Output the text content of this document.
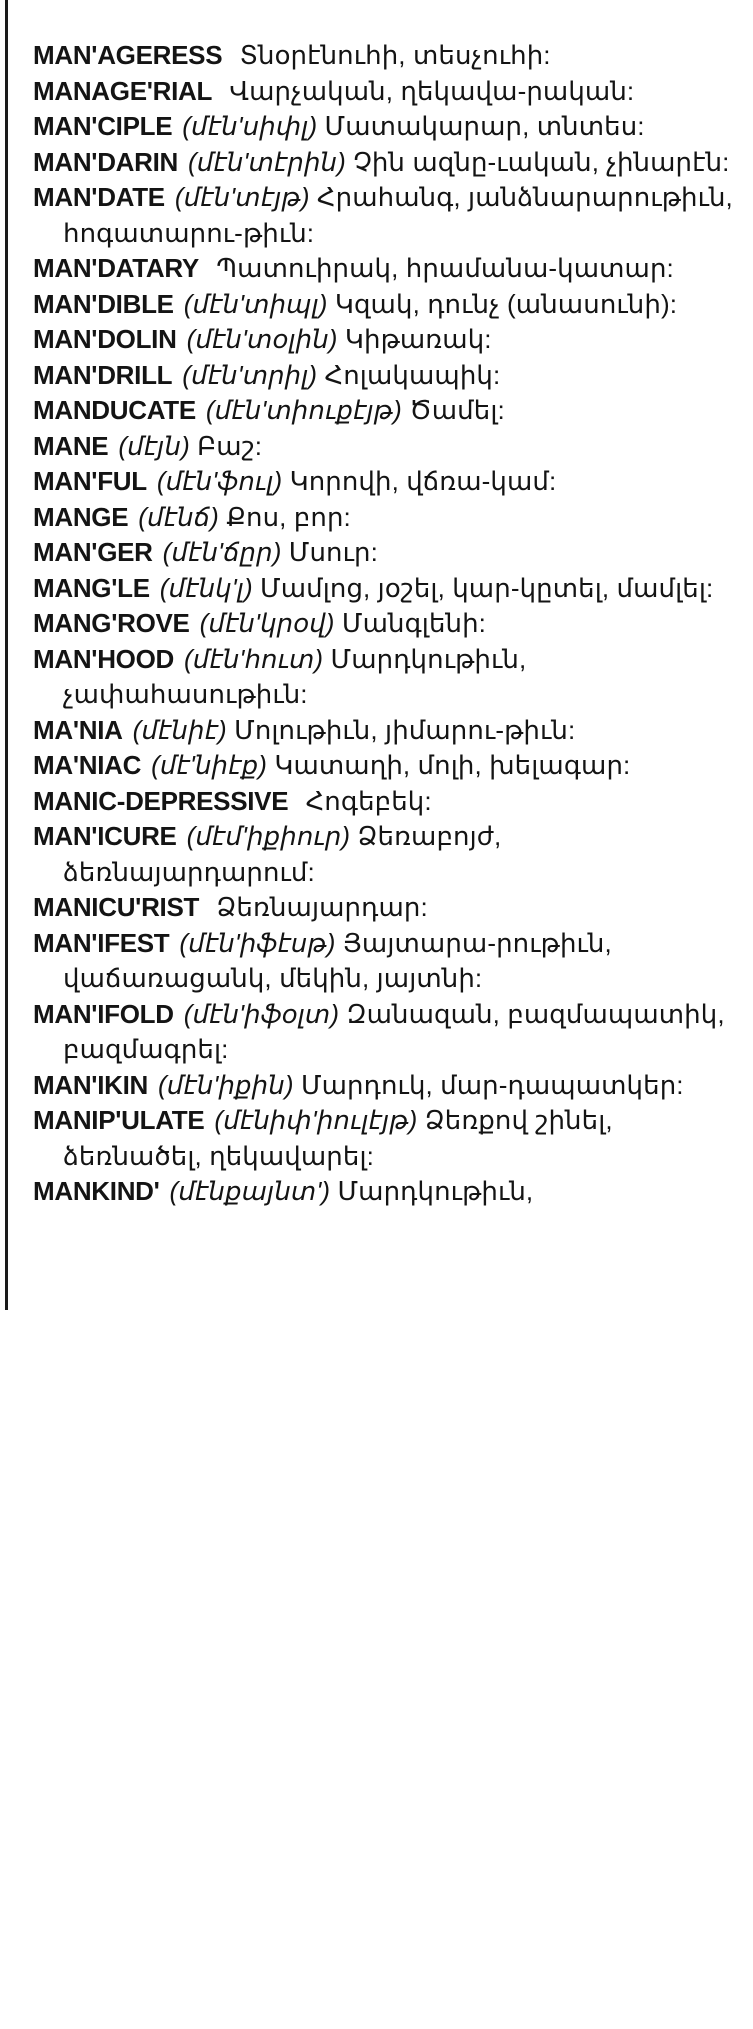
MAN'AGERESS Տնօրէնուհի, տեսչուհի:

MANAGE'RIAL Վարչական, ղեկավա-րական:

MAN'CIPLE (մէն'սիփլ) Մատակարար, տնտես:

MAN'DARIN (մէն'տէրին) Չին ազնը-ւական, չինարէն:

MAN'DATE (մէն'տէյթ) Հրահանգ, յանձնարարութիւն, հոգատարու-թիւն:

MAN'DATARY Պատուիրակ, հրամանա-կատար:

MAN'DIBLE (մէն'տիպլ) Կզակ, դունչ (անասունի):

MAN'DOLIN (մէն'տօլին) Կիթառակ:

MAN'DRILL (մէն'տրիլ) Հոլակապիկ:

MANDUCATE (մէն'տիուքէյթ) Ծամել:

MANE (մէյն) Բաշ:

MAN'FUL (մէն'ֆուլ) Կորովի, վճռա-կամ:

MANGE (մէնճ) Քոս, բոր:

MAN'GER (մէն'ճըր) Մսուր:

MANG'LE (մէնկ'լ) Մամլոց, յօշել, կար-կըտել, մամլել:

MANG'ROVE (մէն'կրօվ) Մանգլենի:

MAN'HOOD (մէն'հուտ) Մարդկութիւն, չափահասութիւն:

MA'NIA (մէնիէ) Մոլութիւն, յիմարու-թիւն:

MA'NIAC (մէ'նիէք) Կատաղի, մոլի, խելագար:

MANIC-DEPRESSIVE Հոգեբեկ:

MAN'ICURE (մէմ'իքիուր) Ձեռաբոյժ, ձեռնայարդարում:

MANICU'RIST Ձեռնայարդար:

MAN'IFEST (մէն'իֆէսթ) Յայտարա-րութիւն, վաճառացանկ, մեկին, յայտնի:

MAN'IFOLD (մէն'իֆօլտ) Զանազան, բազմապատիկ, բազմագրել:

MAN'IKIN (մէն'իքին) Մարդուկ, մար-դապատկեր:

MANIP'ULATE (մէնիփ'իուլէյթ) Ձեռքով շինել, ձեռնածել, ղեկավարել:

MANKIND' (մէնքայնտ') Մարդկութիւն,
